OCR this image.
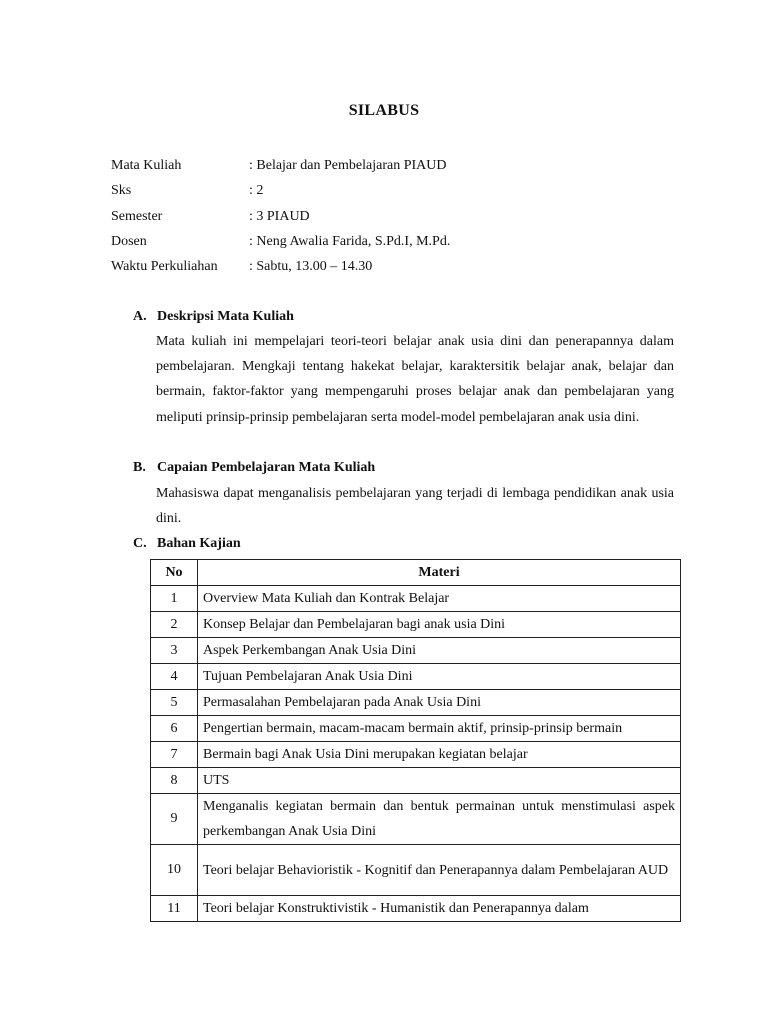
SILABUS
Mata Kuliah	: Belajar dan Pembelajaran PIAUD
Sks	: 2
Semester	: 3 PIAUD
Dosen	: Neng Awalia Farida, S.Pd.I, M.Pd.
Waktu Perkuliahan : Sabtu, 13.00 – 14.30
A. Deskripsi Mata Kuliah
Mata kuliah ini mempelajari teori-teori belajar anak usia dini dan penerapannya dalam pembelajaran. Mengkaji tentang hakekat belajar, karaktersitik belajar anak, belajar dan bermain, faktor-faktor yang mempengaruhi proses belajar anak dan pembelajaran yang meliputi prinsip-prinsip pembelajaran serta model-model pembelajaran anak usia dini.
B. Capaian Pembelajaran Mata Kuliah
Mahasiswa dapat menganalisis pembelajaran yang terjadi di lembaga pendidikan anak usia dini.
C. Bahan Kajian
No	Materi
1	Overview Mata Kuliah dan Kontrak Belajar
2	Konsep Belajar dan Pembelajaran bagi anak usia Dini
3	Aspek Perkembangan Anak Usia Dini
4	Tujuan Pembelajaran Anak Usia Dini
5	Permasalahan Pembelajaran pada Anak Usia Dini
6	Pengertian bermain, macam-macam bermain aktif, prinsip-prinsip bermain
7	Bermain bagi Anak Usia Dini merupakan kegiatan belajar
8	UTS
9	Menganalis kegiatan bermain dan bentuk permainan untuk menstimulasi aspek perkembangan Anak Usia Dini
10	Teori belajar Behavioristik - Kognitif dan Penerapannya dalam Pembelajaran AUD
11	Teori belajar Konstruktivistik - Humanistik dan Penerapannya dalam
